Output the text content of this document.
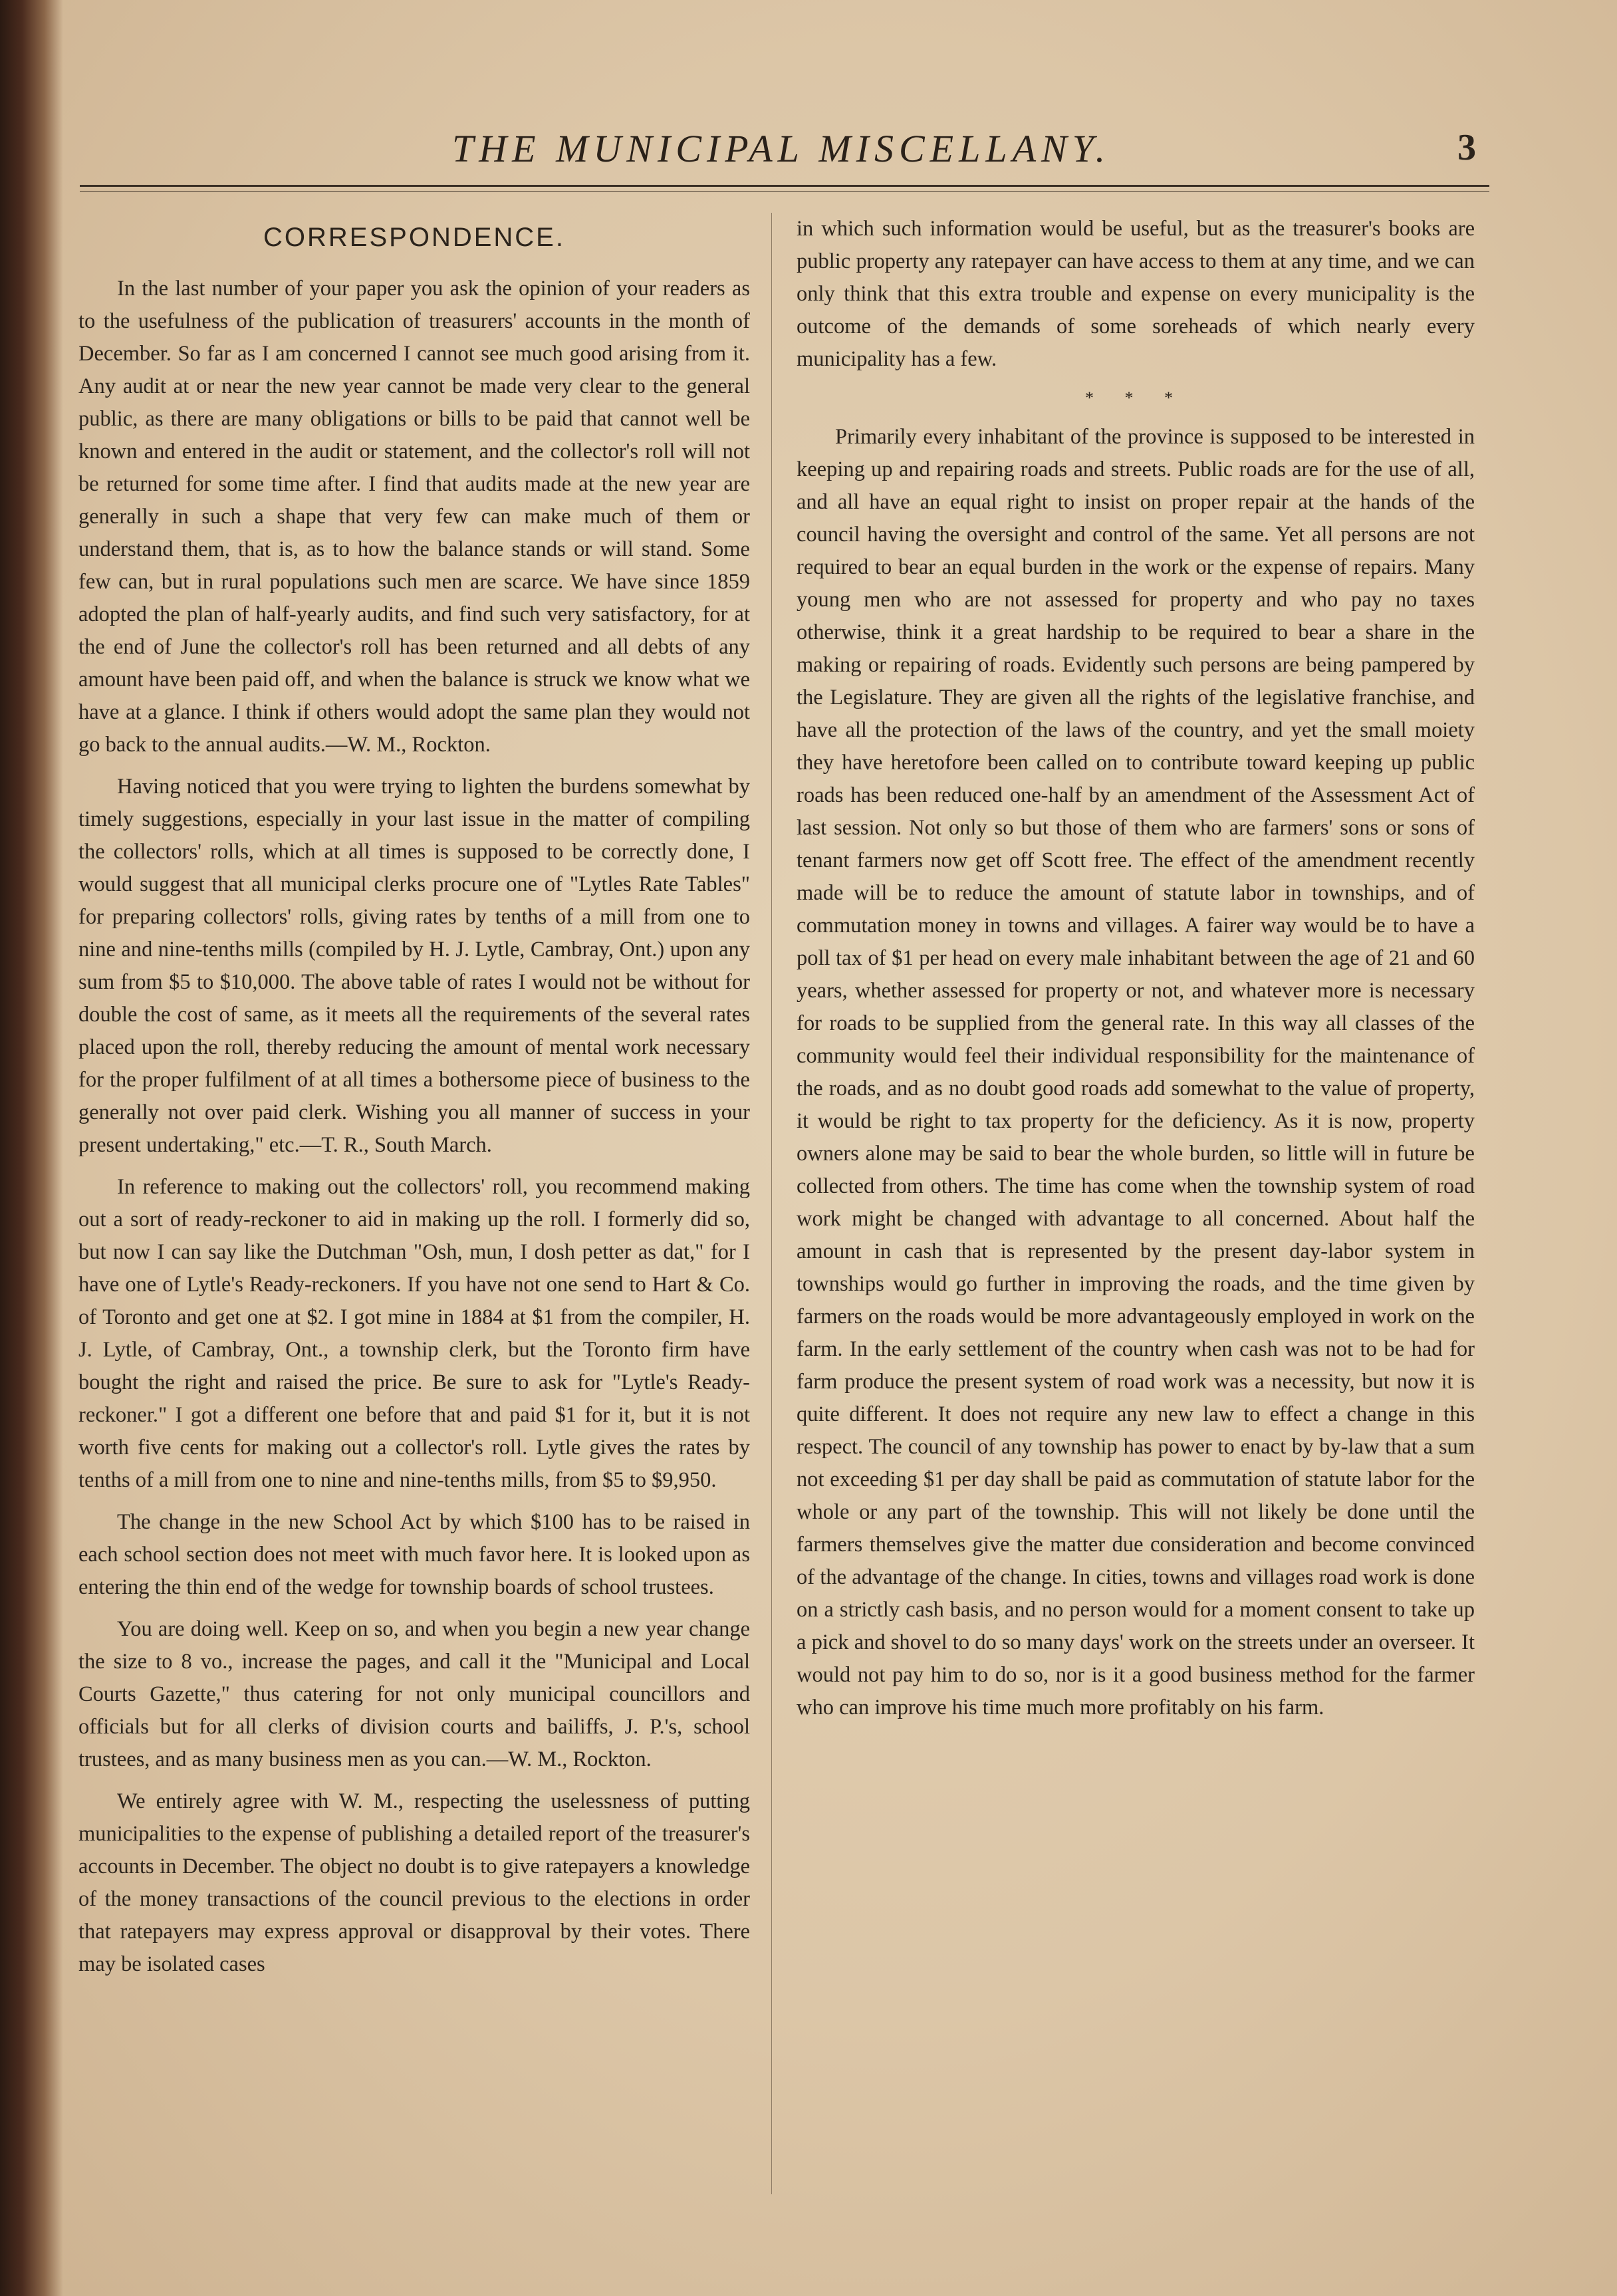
THE MUNICIPAL MISCELLANY.	3
CORRESPONDENCE.

In the last number of your paper you ask the opinion of your readers as to the usefulness of the publication of treasurers' accounts in the month of December. So far as I am concerned I cannot see much good arising from it. Any audit at or near the new year cannot be made very clear to the general public, as there are many obligations or bills to be paid that cannot well be known and entered in the audit or statement, and the collector's roll will not be returned for some time after. I find that audits made at the new year are generally in such a shape that very few can make much of them or understand them, that is, as to how the balance stands or will stand. Some few can, but in rural populations such men are scarce. We have since 1859 adopted the plan of half-yearly audits, and find such very satisfactory, for at the end of June the collector's roll has been returned and all debts of any amount have been paid off, and when the balance is struck we know what we have at a glance. I think if others would adopt the same plan they would not go back to the annual audits.—W. M., Rockton.

Having noticed that you were trying to lighten the burdens somewhat by timely suggestions, especially in your last issue in the matter of compiling the collectors' rolls, which at all times is supposed to be correctly done, I would suggest that all municipal clerks procure one of "Lytles Rate Tables" for preparing collectors' rolls, giving rates by tenths of a mill from one to nine and nine-tenths mills (compiled by H. J. Lytle, Cambray, Ont.) upon any sum from $5 to $10,000. The above table of rates I would not be without for double the cost of same, as it meets all the requirements of the several rates placed upon the roll, thereby reducing the amount of mental work necessary for the proper fulfilment of at all times a bothersome piece of business to the generally not over paid clerk. Wishing you all manner of success in your present undertaking," etc.—T. R., South March.

In reference to making out the collectors' roll, you recommend making out a sort of ready-reckoner to aid in making up the roll. I formerly did so, but now I can say like the Dutchman "Osh, mun, I dosh petter as dat," for I have one of Lytle's Ready-reckoners. If you have not one send to Hart & Co. of Toronto and get one at $2. I got mine in 1884 at $1 from the compiler, H. J. Lytle, of Cambray, Ont., a township clerk, but the Toronto firm have bought the right and raised the price. Be sure to ask for "Lytle's Ready-reckoner." I got a different one before that and paid $1 for it, but it is not worth five cents for making out a collector's roll. Lytle gives the rates by tenths of a mill from one to nine and nine-tenths mills, from $5 to $9,950.

The change in the new School Act by which $100 has to be raised in each school section does not meet with much favor here. It is looked upon as entering the thin end of the wedge for township boards of school trustees.

You are doing well. Keep on so, and when you begin a new year change the size to 8 vo., increase the pages, and call it the "Municipal and Local Courts Gazette," thus catering for not only municipal councillors and officials but for all clerks of division courts and bailiffs, J. P.'s, school trustees, and as many business men as you can.—W. M., Rockton.

We entirely agree with W. M., respecting the uselessness of putting municipalities to the expense of publishing a detailed report of the treasurer's accounts in December. The object no doubt is to give ratepayers a knowledge of the money transactions of the council previous to the elections in order that ratepayers may express approval or disapproval by their votes. There may be isolated cases

in which such information would be useful, but as the treasurer's books are public property any ratepayer can have access to them at any time, and we can only think that this extra trouble and expense on every municipality is the outcome of the demands of some soreheads of which nearly every municipality has a few.

* * *

Primarily every inhabitant of the province is supposed to be interested in keeping up and repairing roads and streets. Public roads are for the use of all, and all have an equal right to insist on proper repair at the hands of the council having the oversight and control of the same. Yet all persons are not required to bear an equal burden in the work or the expense of repairs. Many young men who are not assessed for property and who pay no taxes otherwise, think it a great hardship to be required to bear a share in the making or repairing of roads. Evidently such persons are being pampered by the Legislature. They are given all the rights of the legislative franchise, and have all the protection of the laws of the country, and yet the small moiety they have heretofore been called on to contribute toward keeping up public roads has been reduced one-half by an amendment of the Assessment Act of last session. Not only so but those of them who are farmers' sons or sons of tenant farmers now get off Scott free. The effect of the amendment recently made will be to reduce the amount of statute labor in townships, and of commutation money in towns and villages. A fairer way would be to have a poll tax of $1 per head on every male inhabitant between the age of 21 and 60 years, whether assessed for property or not, and whatever more is necessary for roads to be supplied from the general rate. In this way all classes of the community would feel their individual responsibility for the maintenance of the roads, and as no doubt good roads add somewhat to the value of property, it would be right to tax property for the deficiency. As it is now, property owners alone may be said to bear the whole burden, so little will in future be collected from others. The time has come when the township system of road work might be changed with advantage to all concerned. About half the amount in cash that is represented by the present day-labor system in townships would go further in improving the roads, and the time given by farmers on the roads would be more advantageously employed in work on the farm. In the early settlement of the country when cash was not to be had for farm produce the present system of road work was a necessity, but now it is quite different. It does not require any new law to effect a change in this respect. The council of any township has power to enact by by-law that a sum not exceeding $1 per day shall be paid as commutation of statute labor for the whole or any part of the township. This will not likely be done until the farmers themselves give the matter due consideration and become convinced of the advantage of the change. In cities, towns and villages road work is done on a strictly cash basis, and no person would for a moment consent to take up a pick and shovel to do so many days' work on the streets under an overseer. It would not pay him to do so, nor is it a good business method for the farmer who can improve his time much more profitably on his farm.
